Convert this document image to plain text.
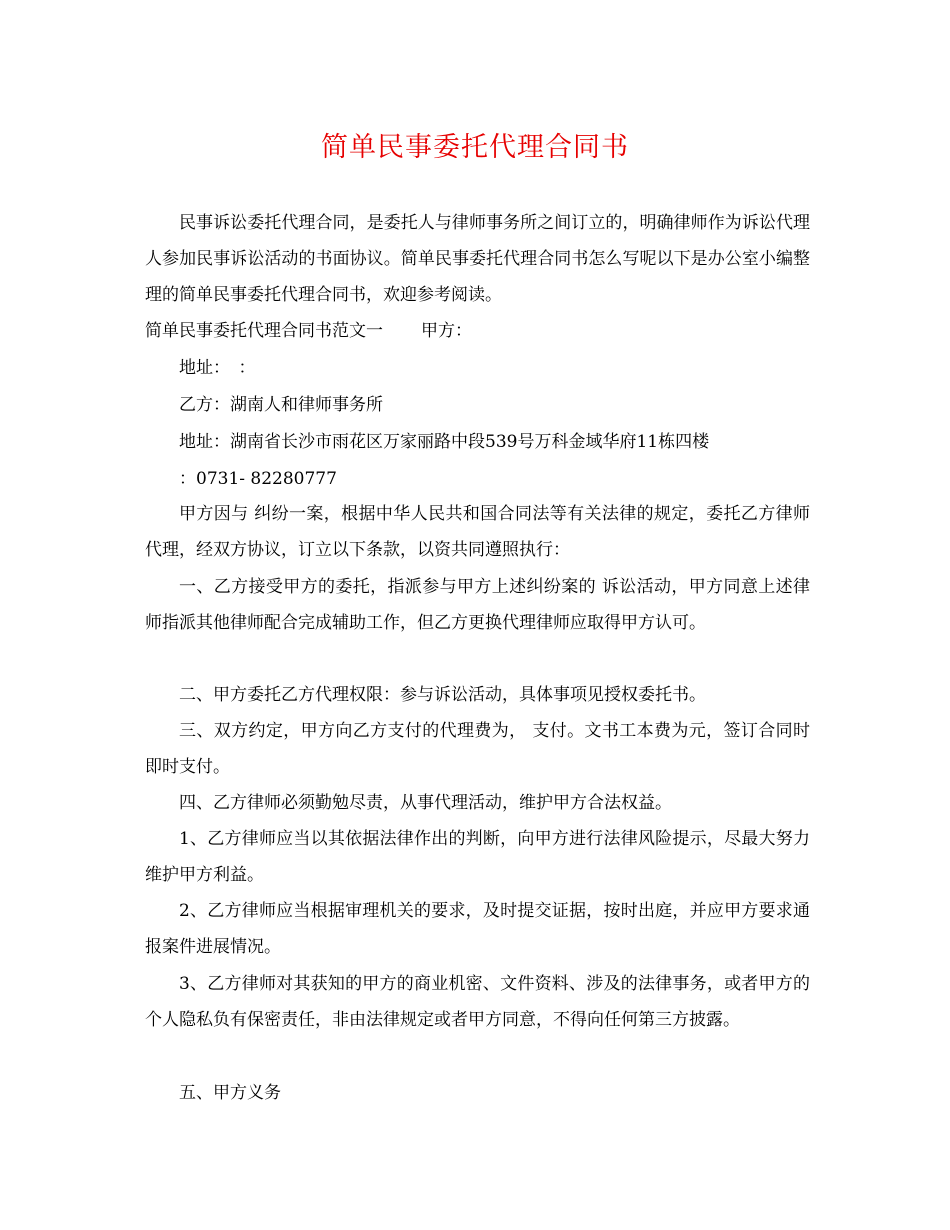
简单民事委托代理合同书

民事诉讼委托代理合同，是委托人与律师事务所之间订立的，明确律师作为诉讼代理人参加民事诉讼活动的书面协议。简单民事委托代理合同书怎么写呢以下是办公室小编整理的简单民事委托代理合同书，欢迎参考阅读。

简单民事委托代理合同书范文一 甲方：

地址：　：

乙方：湖南人和律师事务所

地址：湖南省长沙市雨花区万家丽路中段539号万科金域华府11栋四楼

：0731- 82280777

甲方因与 纠纷一案，根据中华人民共和国合同法等有关法律的规定，委托乙方律师代理，经双方协议，订立以下条款，以资共同遵照执行：

一、乙方接受甲方的委托，指派参与甲方上述纠纷案的 诉讼活动，甲方同意上述律师指派其他律师配合完成辅助工作，但乙方更换代理律师应取得甲方认可。

二、甲方委托乙方代理权限：参与诉讼活动，具体事项见授权委托书。

三、双方约定，甲方向乙方支付的代理费为， 支付。文书工本费为元，签订合同时即时支付。

四、乙方律师必须勤勉尽责，从事代理活动，维护甲方合法权益。

1、乙方律师应当以其依据法律作出的判断，向甲方进行法律风险提示，尽最大努力维护甲方利益。

2、乙方律师应当根据审理机关的要求，及时提交证据，按时出庭，并应甲方要求通报案件进展情况。

3、乙方律师对其获知的甲方的商业机密、文件资料、涉及的法律事务，或者甲方的个人隐私负有保密责任，非由法律规定或者甲方同意，不得向任何第三方披露。

五、甲方义务
